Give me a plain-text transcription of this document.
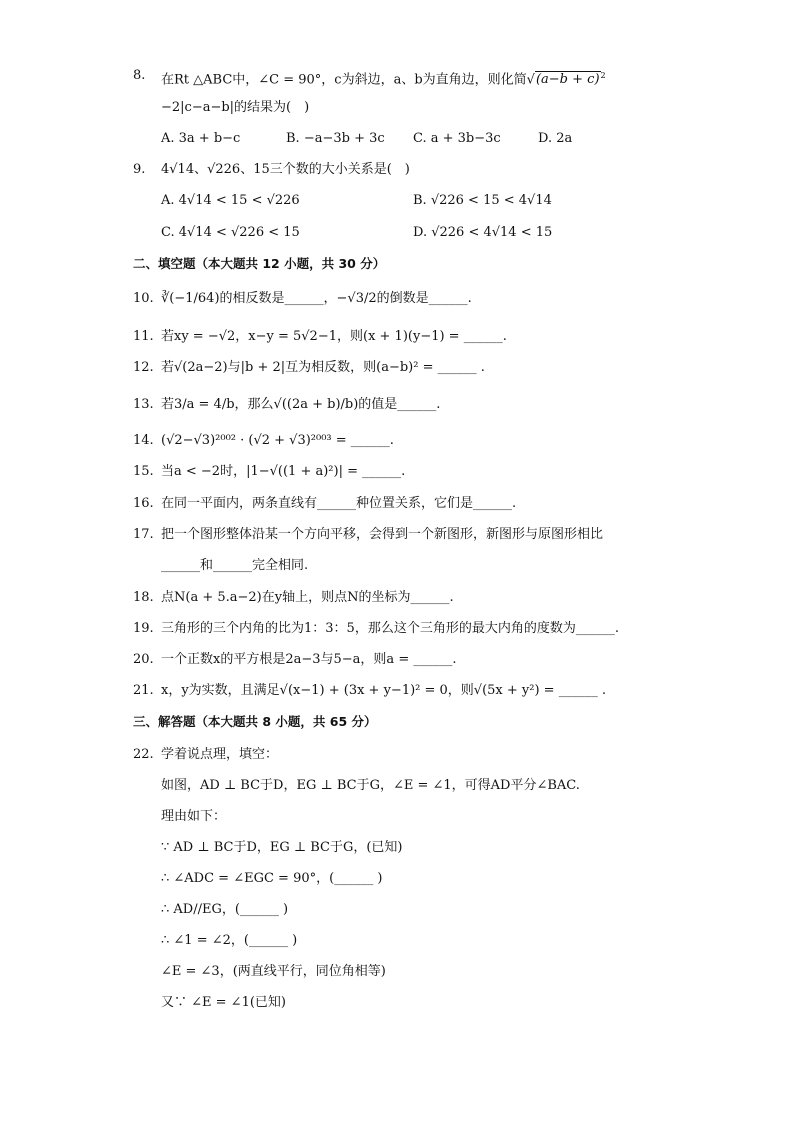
8. 在Rt △ABC中，∠C = 90°，c为斜边，a、b为直角边，则化简$√(a-b + c)^2$
−2|c−a−b|的结果为(　)
A. 3a + b−c	B. −a−3b + 3c C. a + 3b−3c	D. 2a
9. 4√14、√226、15三个数的大小关系是(　)
A. 4√14 < 15 < √226	B. √226 < 15 < 4√14
C. 4√14 < √226 < 15	D. √226 < 4√14 < 15
二、填空题（本大题共 12 小题，共 30 分）
10. ∛(−1/64)的相反数是______，−√3/2的倒数是______.
11. 若xy = −√2，x−y = 5√2−1，则(x + 1)(y−1) = ______.
12. 若√(2a−2)与|b + 2|互为相反数，则(a−b)² = ______ .
13. 若3/a = 4/b，那么√((2a + b)/b)的值是______.
14. (√2−√3)²⁰⁰² · (√2 + √3)²⁰⁰³ = ______.
15. 当a < −2时，|1−√((1 + a)²)| = ______.
16. 在同一平面内，两条直线有______种位置关系，它们是______.
17. 把一个图形整体沿某一个方向平移，会得到一个新图形，新图形与原图形相比
______和______完全相同.
18. 点N(a + 5.a−2)在y轴上，则点N的坐标为______.
19. 三角形的三个内角的比为1：3：5，那么这个三角形的最大内角的度数为______.
20. 一个正数x的平方根是2a−3与5−a，则a = ______.
21. x，y为实数，且满足√(x−1) + (3x + y−1)² = 0，则√(5x + y²) = ______ .
三、解答题（本大题共 8 小题，共 65 分）
22. 学着说点理，填空：
如图，AD ⊥ BC于D，EG ⊥ BC于G，∠E = ∠1，可得AD平分∠BAC.
理由如下：
∵ AD ⊥ BC于D，EG ⊥ BC于G，(已知)
∴ ∠ADC = ∠EGC = 90°，(______ )
∴ AD//EG，(______ )
∴ ∠1 = ∠2，(______ )
∠E = ∠3，(两直线平行，同位角相等)
又∵ ∠E = ∠1(已知)
